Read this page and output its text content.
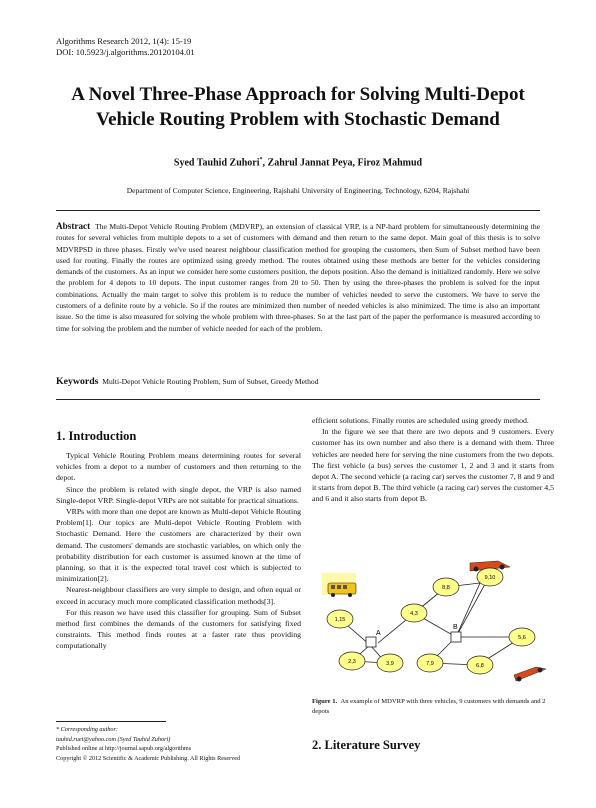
Algorithms Research 2012, 1(4): 15-19
DOI: 10.5923/j.algorithms.20120104.01
A Novel Three-Phase Approach for Solving Multi-Depot
Vehicle Routing Problem with Stochastic Demand
Syed Tauhid Zuhori*, Zahrul Jannat Peya, Firoz Mahmud
Department of Computer Science, Engineering, Rajshahi University of Engineering, Technology, 6204, Rajshahi
Abstract The Multi-Depot Vehicle Routing Problem (MDVRP), an extension of classical VRP, is a NP-hard problem for simultaneously determining the routes for several vehicles from multiple depots to a set of customers with demand and then return to the same depot. Main goal of this thesis is to solve MDVRPSD in three phases. Firstly we've used nearest neighbour classification method for grouping the customers, then Sum of Subset method have been used for routing. Finally the routes are optimized using greedy method. The routes obtained using these methods are better for the vehicles considering demands of the customers. As an input we consider here some customers position, the depots position. Also the demand is initialized randomly. Here we solve the problem for 4 depots to 10 depots. The input customer ranges from 20 to 50. Then by using the three-phases the problem is solved for the input combinations. Actually the main target to solve this problem is to reduce the number of vehicles needed to serve the customers. We have to serve the customers of a definite route by a vehicle. So if the routes are minimized then number of needed vehicles is also minimized. The time is also an important issue. So the time is also measured for solving the whole problem with three-phases. So at the last part of the paper the performance is measured according to time for solving the problem and the number of vehicle needed for each of the problem.
Keywords Multi-Depot Vehicle Routing Problem, Sum of Subset, Greedy Method
1. Introduction

Typical Vehicle Routing Problem means determining routes for several vehicles from a depot to a number of customers and then returning to the depot.

Since the problem is related with single depot, the VRP is also named Single-depot VRP. Single-depot VRPs are not suitable for practical situations.

VRPs with more than one depot are known as Multi-depot Vehicle Routing Problem[1]. Our topics are Multi-depot Vehicle Routing Problem with Stochastic Demand. Here the customers are characterized by their own demand. The customers' demands are stochastic variables, on which only the probability distribution for each customer is assumed known at the time of planning, so that it is the expected total travel cost which is subjected to minimization[2].

Nearest-neighbour classifiers are very simple to design, and often equal or exceed in accuracy much more complicated classification methods[3].

For this reason we have used this classifier for grouping. Sum of Subset method first combines the demands of the customers for satisfying fixed constraints. This method finds routes at a faster rate thus providing computationally

* Corresponding author:
tauhid.ruet@yahoo.com (Syed Tauhid Zuhori)
Published online at http://journal.sapub.org/algorithms
Copyright © 2012 Scientific & Academic Publishing. All Rights Reserved

efficient solutions. Finally routes are scheduled using greedy method.

In the figure we see that there are two depots and 9 customers. Every customer has its own number and also there is a demand with them. Three vehicles are needed here for serving the nine customers from the two depots. The first vehicle (a bus) serves the customer 1, 2 and 3 and it starts from depot A. The second vehicle (a racing car) serves the customer 7, 8 and 9 and it starts from depot B. The third vehicle (a racing car) serves the customer 4,5 and 6 and it also starts from depot B.

A
B
1,15
2,3	3,9
4,3
5,6
6,8
7,9
8,8
9,10
Figure 1. An example of MDVRP with three vehicles, 9 customers with demands and 2 depots
2. Literature Survey
